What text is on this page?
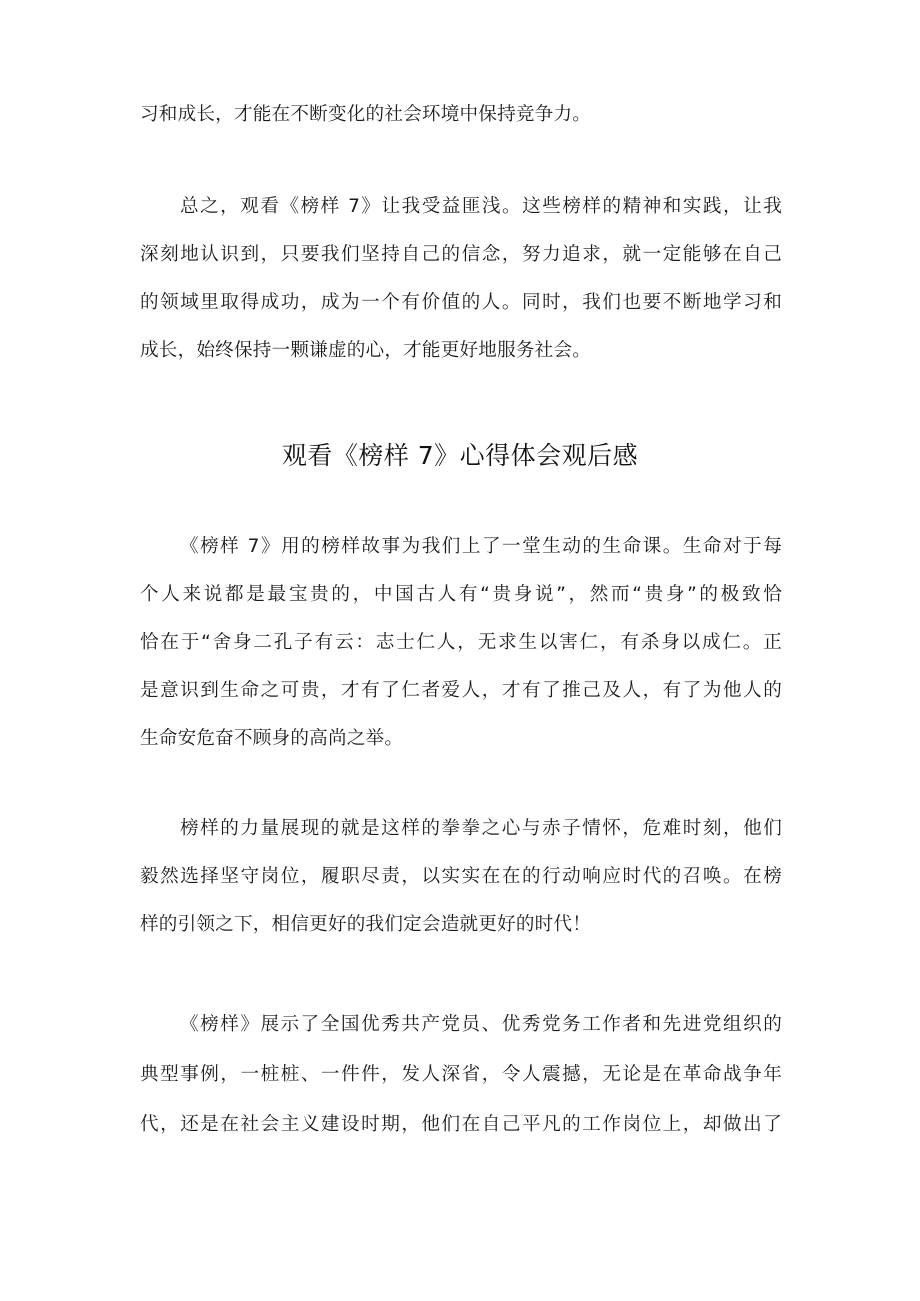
习和成长，才能在不断变化的社会环境中保持竞争力。
总之，观看《榜样 7》让我受益匪浅。这些榜样的精神和实践，让我
深刻地认识到，只要我们坚持自己的信念，努力追求，就一定能够在自己
的领域里取得成功，成为一个有价值的人。同时，我们也要不断地学习和
成长，始终保持一颗谦虚的心，才能更好地服务社会。
观看《榜样 7》心得体会观后感
《榜样 7》用的榜样故事为我们上了一堂生动的生命课。生命对于每
个人来说都是最宝贵的，中国古人有“贵身说”，然而“贵身”的极致恰
恰在于“舍身二孔子有云：志士仁人，无求生以害仁，有杀身以成仁。正
是意识到生命之可贵，才有了仁者爱人，才有了推己及人，有了为他人的
生命安危奋不顾身的高尚之举。
榜样的力量展现的就是这样的拳拳之心与赤子情怀，危难时刻，他们
毅然选择坚守岗位，履职尽责，以实实在在的行动响应时代的召唤。在榜
样的引领之下，相信更好的我们定会造就更好的时代！
《榜样》展示了全国优秀共产党员、优秀党务工作者和先进党组织的
典型事例，一桩桩、一件件，发人深省，令人震撼，无论是在革命战争年
代，还是在社会主义建设时期，他们在自己平凡的工作岗位上，却做出了
